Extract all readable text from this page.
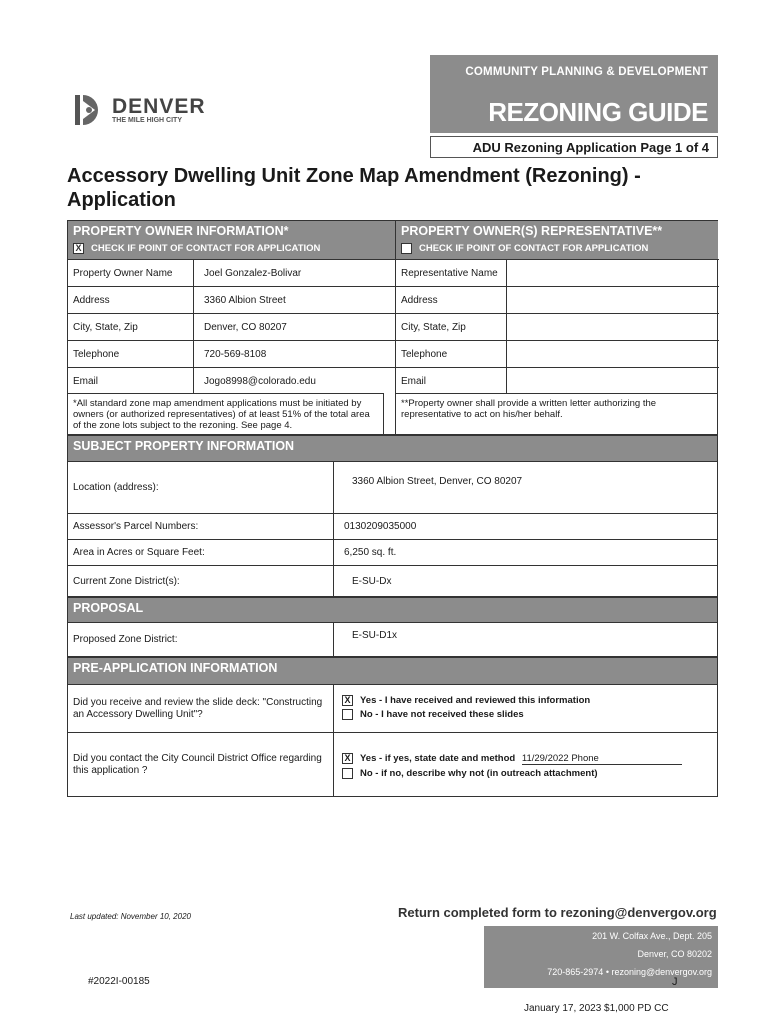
COMMUNITY PLANNING & DEVELOPMENT
REZONING GUIDE
ADU Rezoning Application Page 1 of 4
DENVER
THE MILE HIGH CITY
Accessory Dwelling Unit Zone Map Amendment (Rezoning) - Application
PROPERTY OWNER INFORMATION*
X CHECK IF POINT OF CONTACT FOR APPLICATION
PROPERTY OWNER(S) REPRESENTATIVE**
CHECK IF POINT OF CONTACT FOR APPLICATION
Property Owner Name	Joel Gonzalez-Bolivar
Address	3360 Albion Street
City, State, Zip	Denver, CO 80207
Telephone	720-569-8108
Email	Jogo8998@colorado.edu
Representative Name
Address
City, State, Zip
Telephone
Email
*All standard zone map amendment applications must be initiated by owners (or authorized representatives) of at least 51% of the total area of the zone lots subject to the rezoning. See page 4.
**Property owner shall provide a written letter authorizing the representative to act on his/her behalf.
SUBJECT PROPERTY INFORMATION
Location (address):
3360 Albion Street, Denver, CO 80207
Assessor's Parcel Numbers:	0130209035000
Area in Acres or Square Feet:	6,250 sq. ft.
Current Zone District(s):	E-SU-Dx
PROPOSAL
Proposed Zone District:	E-SU-D1x
PRE-APPLICATION INFORMATION
Did you receive and review the slide deck: "Constructing an Accessory Dwelling Unit"?
X Yes - I have received and reviewed this information
No - I have not received these slides
Did you contact the City Council District Office regarding this application ?
X Yes - if yes, state date and method 11/29/2022 Phone
No - if no, describe why not (in outreach attachment)
Last updated: November 10, 2020	Return completed form to rezoning@denvergov.org
201 W. Colfax Ave., Dept. 205
Denver, CO 80202
720-865-2974 • rezoning@denvergov.org
#2022I-00185	J
January 17, 2023 $1,000 PD CC
